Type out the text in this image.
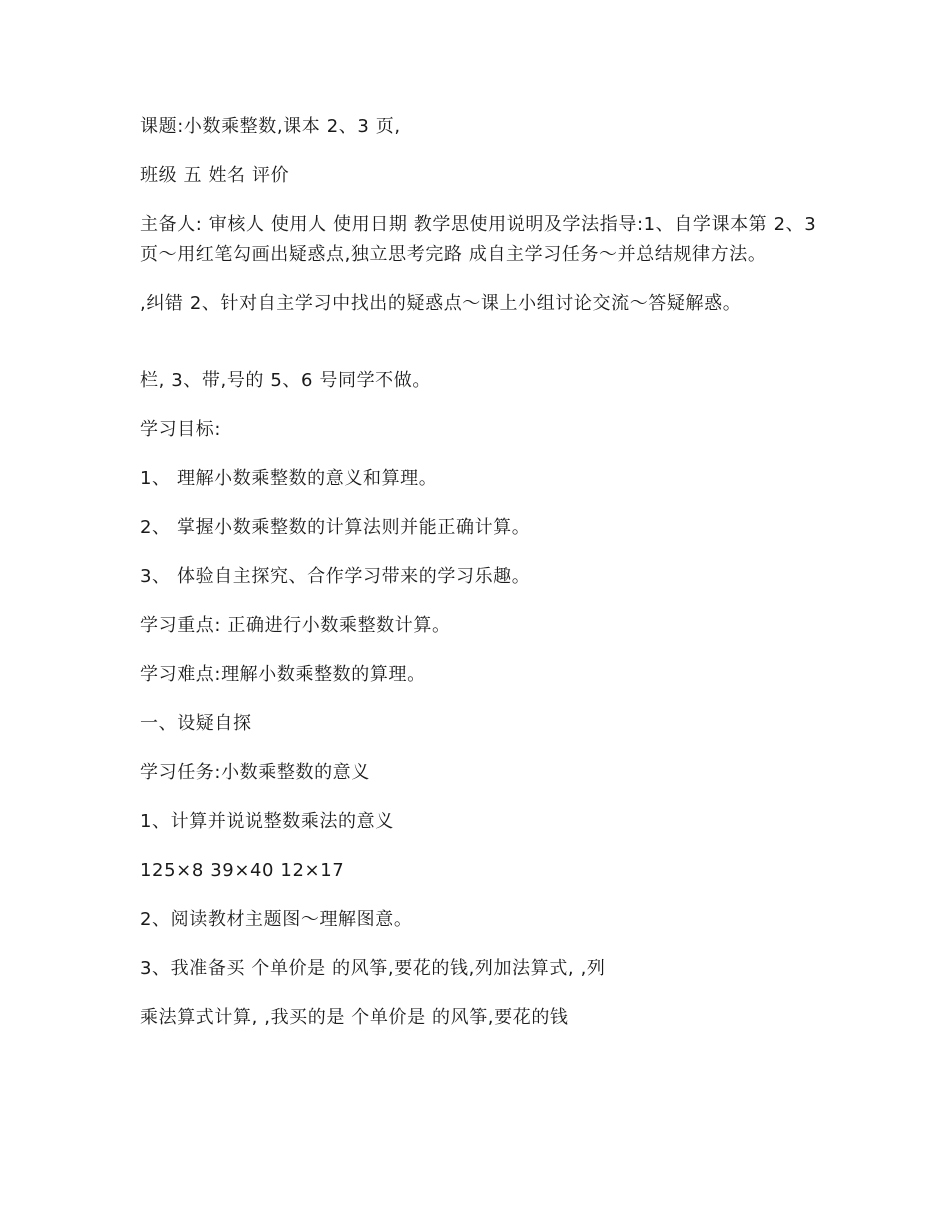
课题:小数乘整数,课本 2、3 页,

班级 五 姓名 评价

主备人: 审核人 使用人 使用日期 教学思使用说明及学法指导:1、自学课本第 2、3 页～用红笔勾画出疑惑点,独立思考完路 成自主学习任务～并总结规律方法。

,纠错 2、针对自主学习中找出的疑惑点～课上小组讨论交流～答疑解惑。

栏, 3、带,号的 5、6 号同学不做。

学习目标:

1、 理解小数乘整数的意义和算理。

2、 掌握小数乘整数的计算法则并能正确计算。

3、 体验自主探究、合作学习带来的学习乐趣。

学习重点: 正确进行小数乘整数计算。

学习难点:理解小数乘整数的算理。

一、设疑自探

学习任务:小数乘整数的意义

1、计算并说说整数乘法的意义

125×8 39×40 12×17

2、阅读教材主题图～理解图意。

3、我准备买 个单价是 的风筝,要花的钱,列加法算式, ,列

乘法算式计算, ,我买的是 个单价是 的风筝,要花的钱
